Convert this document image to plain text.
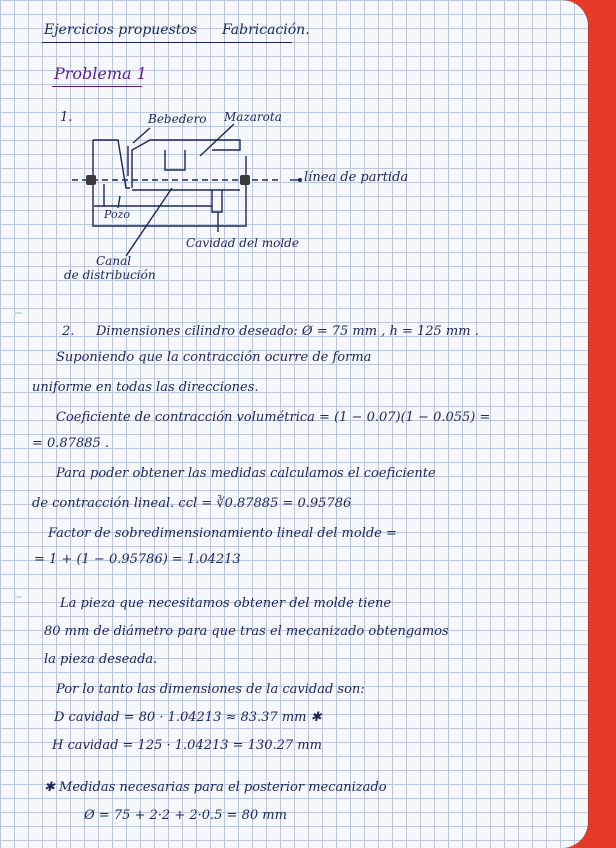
Ejercicios propuestos Fabricación.
Problema 1
1.	Bebedero Mazarota
línea de partida
Pozo
Cavidad del molde
Canal
de distribución
2. Dimensiones cilindro deseado: Ø = 75 mm , h = 125 mm .
Suponiendo que la contracción ocurre de forma
uniforme en todas las direcciones.
Coeficiente de contracción volumétrica = (1 − 0.07)(1 − 0.055) =
= 0.87885 .
Para poder obtener las medidas calculamos el coeficiente
de contracción lineal. ccl = ∛0.87885 = 0.95786
Factor de sobredimensionamiento lineal del molde =
= 1 + (1 − 0.95786) = 1.04213
La pieza que necesitamos obtener del molde tiene
80 mm de diámetro para que tras el mecanizado obtengamos
la pieza deseada.
Por lo tanto las dimensiones de la cavidad son:
D cavidad = 80 · 1.04213 ≈ 83.37 mm ✱
H cavidad = 125 · 1.04213 = 130.27 mm
✱ Medidas necesarias para el posterior mecanizado
Ø = 75 + 2·2 + 2·0.5 = 80 mm
